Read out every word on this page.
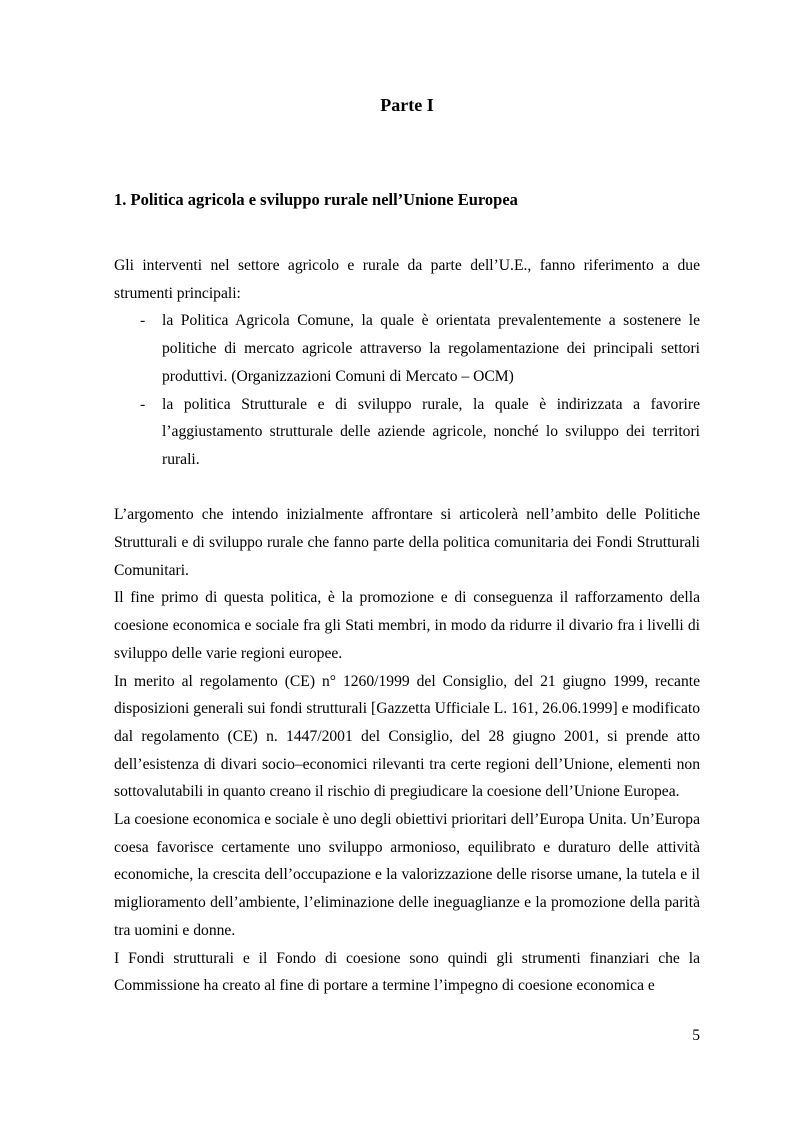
Parte I
1. Politica agricola e sviluppo rurale nell’Unione Europea

Gli interventi nel settore agricolo e rurale da parte dell’U.E., fanno riferimento a due strumenti principali:

- la Politica Agricola Comune, la quale è orientata prevalentemente a sostenere le politiche di mercato agricole attraverso la regolamentazione dei principali settori produttivi. (Organizzazioni Comuni di Mercato – OCM)
- la politica Strutturale e di sviluppo rurale, la quale è indirizzata a favorire l’aggiustamento strutturale delle aziende agricole, nonché lo sviluppo dei territori rurali.

L’argomento che intendo inizialmente affrontare si articolerà nell’ambito delle Politiche Strutturali e di sviluppo rurale che fanno parte della politica comunitaria dei Fondi Strutturali Comunitari.

Il fine primo di questa politica, è la promozione e di conseguenza il rafforzamento della coesione economica e sociale fra gli Stati membri, in modo da ridurre il divario fra i livelli di sviluppo delle varie regioni europee.

In merito al regolamento (CE) n° 1260/1999 del Consiglio, del 21 giugno 1999, recante disposizioni generali sui fondi strutturali [Gazzetta Ufficiale L. 161, 26.06.1999] e modificato dal regolamento (CE) n. 1447/2001 del Consiglio, del 28 giugno 2001, si prende atto dell’esistenza di divari socio–economici rilevanti tra certe regioni dell’Unione, elementi non sottovalutabili in quanto creano il rischio di pregiudicare la coesione dell’Unione Europea.

La coesione economica e sociale è uno degli obiettivi prioritari dell’Europa Unita. Un’Europa coesa favorisce certamente uno sviluppo armonioso, equilibrato e duraturo delle attività economiche, la crescita dell’occupazione e la valorizzazione delle risorse umane, la tutela e il miglioramento dell’ambiente, l’eliminazione delle ineguaglianze e la promozione della parità tra uomini e donne.

I Fondi strutturali e il Fondo di coesione sono quindi gli strumenti finanziari che la Commissione ha creato al fine di portare a termine l’impegno di coesione economica e

5
